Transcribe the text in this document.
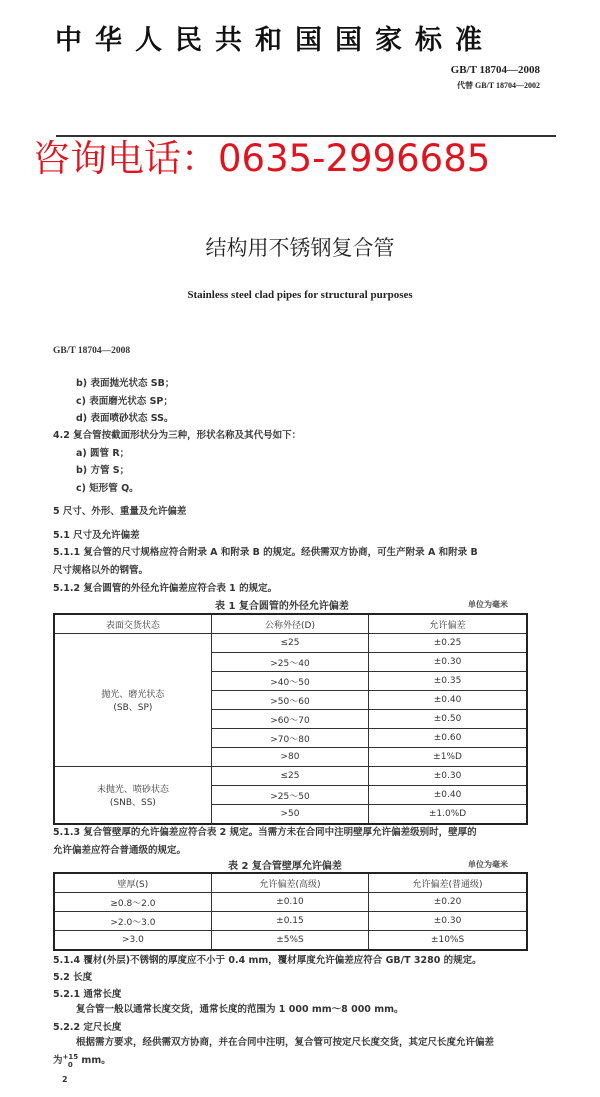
中华人民共和国国家标准
GB/T 18704—2008
代替 GB/T 18704—2002
咨询电话：0635-2996685
结构用不锈钢复合管
Stainless steel clad pipes for structural purposes
GB/T 18704—2008
b) 表面抛光状态 SB；
c) 表面磨光状态 SP；
d) 表面喷砂状态 SS。
4.2 复合管按截面形状分为三种，形状名称及其代号如下：
a) 圆管 R；
b) 方管 S；
c) 矩形管 Q。
5 尺寸、外形、重量及允许偏差
5.1 尺寸及允许偏差
5.1.1 复合管的尺寸规格应符合附录 A 和附录 B 的规定。经供需双方协商，可生产附录 A 和附录 B
尺寸规格以外的钢管。
5.1.2 复合圆管的外径允许偏差应符合表 1 的规定。
表 1 复合圆管的外径允许偏差	单位为毫米
表面交货状态	公称外径(D)	允许偏差

抛光、磨光状态
(SB、SP)	≤25	±0.25
	>25～40	±0.30
	>40～50	±0.35
	>50～60	±0.40
	>60～70	±0.50
	>70～80	±0.60
	>80	±1%D

未抛光、喷砂状态
(SNB、SS)	≤25	±0.30
	>25～50	±0.40
	>50	±1.0%D
5.1.3 复合管壁厚的允许偏差应符合表 2 规定。当需方未在合同中注明壁厚允许偏差级别时，壁厚的
允许偏差应符合普通级的规定。
表 2 复合管壁厚允许偏差	单位为毫米
壁厚(S)	允许偏差(高级)	允许偏差(普通级)
≥0.8～2.0	±0.10	±0.20
>2.0～3.0	±0.15	±0.30
>3.0	±5%S	±10%S
5.1.4 覆材(外层)不锈钢的厚度应不小于 0.4 mm，覆材厚度允许偏差应符合 GB/T 3280 的规定。
5.2 长度
5.2.1 通常长度
复合管一般以通常长度交货，通常长度的范围为 1 000 mm～8 000 mm。
5.2.2 定尺长度
根据需方要求，经供需双方协商，并在合同中注明，复合管可按定尺长度交货，其定尺长度允许偏差
为 +15
0 mm。
2
